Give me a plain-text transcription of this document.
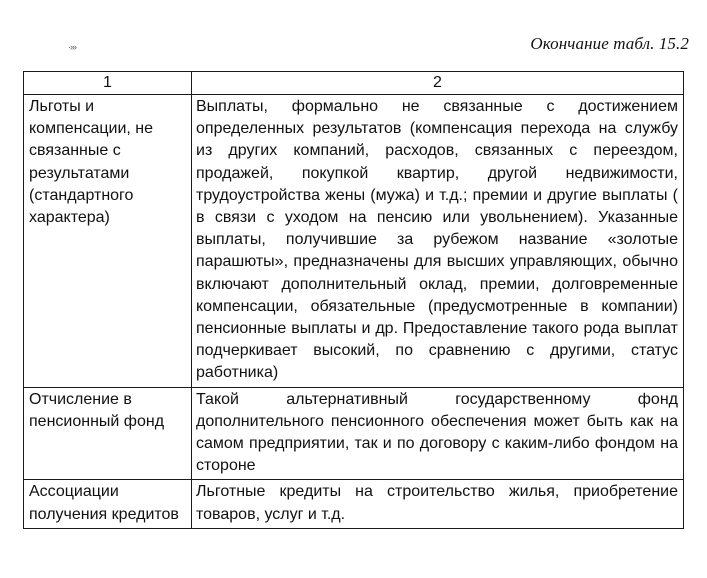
·›››	Окончание табл. 15.2
1	2
Льготы и компенсации, не связанные с результатами (стандартного характера)	Выплаты, формально не связанные с достижением определенных результатов (компенсация перехода на службу из других компаний, расходов, связанных с переездом, продажей, покупкой квартир, другой недвижимости, трудоустройства жены (мужа) и т.д.; премии и другие выплаты ( в связи с уходом на пенсию или увольнением). Указанные выплаты, получившие за рубежом название «золотые парашюты», предназначены для высших управляющих, обычно включают дополнительный оклад, премии, долговременные компенсации, обязательные (предусмотренные в компании) пенсионные выплаты и др. Предоставление такого рода выплат подчеркивает высокий, по сравнению с другими, статус работника)
Отчисление в пенсионный фонд	Такой альтернативный государственному фонд дополнительного пенсионного обеспечения может быть как на самом предприятии, так и по договору с каким-либо фондом на стороне
Ассоциации получения кредитов	Льготные кредиты на строительство жилья, приобретение товаров, услуг и т.д.
